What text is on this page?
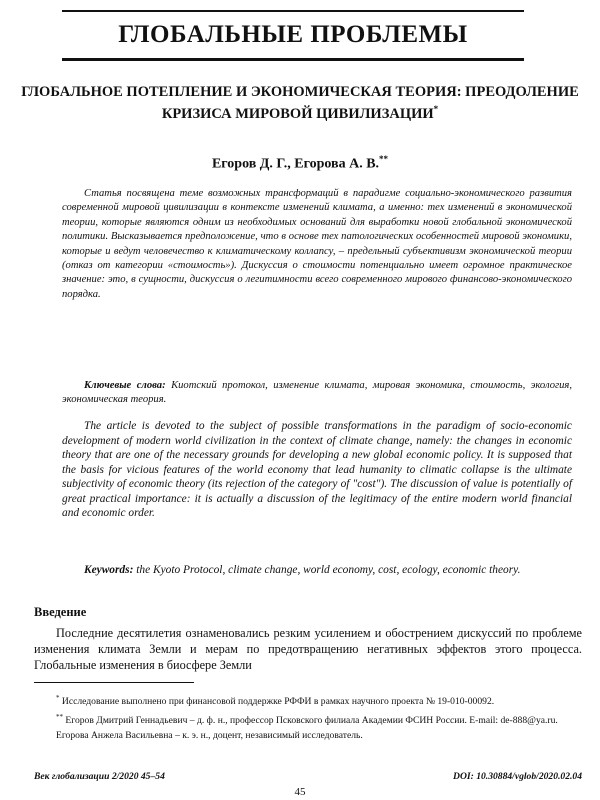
ГЛОБАЛЬНЫЕ ПРОБЛЕМЫ
ГЛОБАЛЬНОЕ ПОТЕПЛЕНИЕ И ЭКОНОМИЧЕСКАЯ ТЕОРИЯ: ПРЕОДОЛЕНИЕ КРИЗИСА МИРОВОЙ ЦИВИЛИЗАЦИИ*
Егоров Д. Г., Егорова А. В.**
Статья посвящена теме возможных трансформаций в парадигме социально-экономического развития современной мировой цивилизации в контексте изменений климата, а именно: тех изменений в экономической теории, которые являются одним из необходимых оснований для выработки новой глобальной экономической политики. Высказывается предположение, что в основе тех патологических особенностей мировой экономики, которые и ведут человечество к климатическому коллапсу, – предельный субъективизм экономической теории (отказ от категории «стоимость»). Дискуссия о стоимости потенциально имеет огромное практическое значение: это, в сущности, дискуссия о легитимности всего современного мирового финансово-экономического порядка.
Ключевые слова: Киотский протокол, изменение климата, мировая экономика, стоимость, экология, экономическая теория.
The article is devoted to the subject of possible transformations in the paradigm of socio-economic development of modern world civilization in the context of climate change, namely: the changes in economic theory that are one of the necessary grounds for developing a new global economic policy. It is supposed that the basis for vicious features of the world economy that lead humanity to climatic collapse is the ultimate subjectivity of economic theory (its rejection of the category of "cost"). The discussion of value is potentially of great practical importance: it is actually a discussion of the legitimacy of the entire modern world financial and economic order.
Keywords: the Kyoto Protocol, climate change, world economy, cost, ecology, economic theory.
Введение
Последние десятилетия ознаменовались резким усилением и обострением дискуссий по проблеме изменения климата Земли и мерам по предотвращению негативных эффектов этого процесса. Глобальные изменения в биосфере Земли

* Исследование выполнено при финансовой поддержке РФФИ в рамках научного проекта № 19-010-00092.

** Егоров Дмитрий Геннадьевич – д. ф. н., профессор Псковского филиала Академии ФСИН России. E-mail: de-888@ya.ru.

Егорова Анжела Васильевна – к. э. н., доцент, независимый исследователь.

Век глобализации 2/2020 45–54	DOI: 10.30884/vglob/2020.02.04
45
